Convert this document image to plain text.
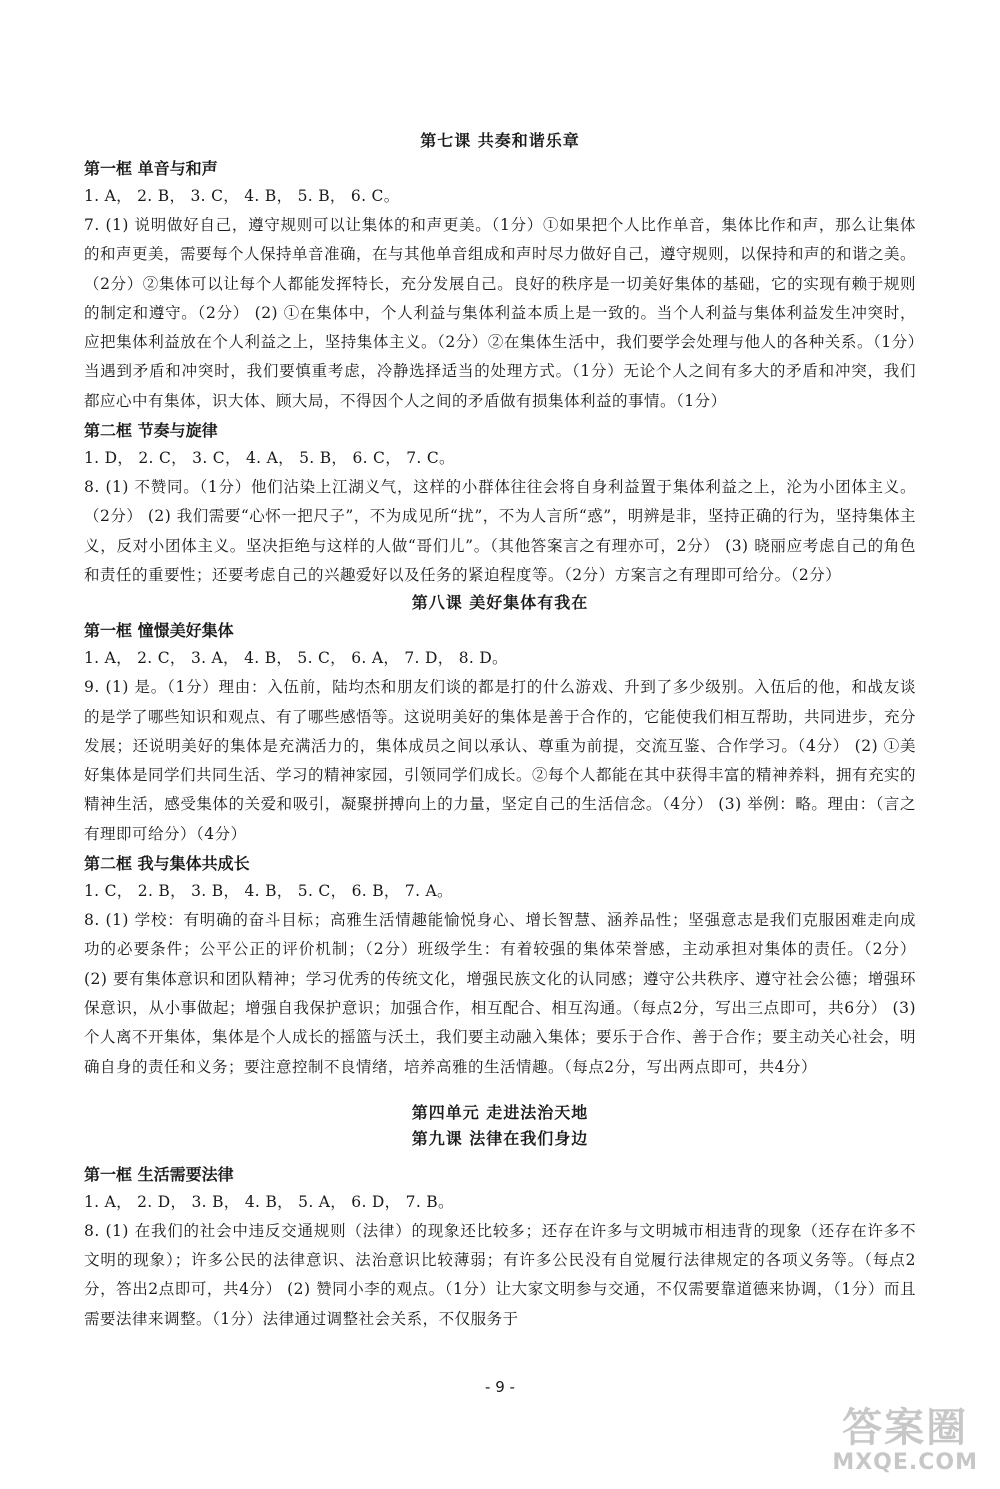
第七课 共奏和谐乐章
第一框 单音与和声
1. A， 2. B， 3. C， 4. B， 5. B， 6. C。
7. (1) 说明做好自己，遵守规则可以让集体的和声更美。（1分）①如果把个人比作单音，集体比作和声，那么让集体的和声更美，需要每个人保持单音准确，在与其他单音组成和声时尽力做好自己，遵守规则，以保持和声的和谐之美。（2分）②集体可以让每个人都能发挥特长，充分发展自己。良好的秩序是一切美好集体的基础，它的实现有赖于规则的制定和遵守。（2分） (2) ①在集体中，个人利益与集体利益本质上是一致的。当个人利益与集体利益发生冲突时，应把集体利益放在个人利益之上，坚持集体主义。（2分）②在集体生活中，我们要学会处理与他人的各种关系。（1分）当遇到矛盾和冲突时，我们要慎重考虑，冷静选择适当的处理方式。（1分）无论个人之间有多大的矛盾和冲突，我们都应心中有集体，识大体、顾大局，不得因个人之间的矛盾做有损集体利益的事情。（1分）
第二框 节奏与旋律
1. D， 2. C， 3. C， 4. A， 5. B， 6. C， 7. C。
8. (1) 不赞同。（1分）他们沾染上江湖义气，这样的小群体往往会将自身利益置于集体利益之上，沦为小团体主义。（2分） (2) 我们需要“心怀一把尺子”，不为成见所“扰”，不为人言所“惑”，明辨是非，坚持正确的行为，坚持集体主义，反对小团体主义。坚决拒绝与这样的人做“哥们儿”。（其他答案言之有理亦可，2分） (3) 晓丽应考虑自己的角色和责任的重要性；还要考虑自己的兴趣爱好以及任务的紧迫程度等。（2分）方案言之有理即可给分。（2分）
第八课 美好集体有我在
第一框 憧憬美好集体
1. A， 2. C， 3. A， 4. B， 5. C， 6. A， 7. D， 8. D。
9. (1) 是。（1分）理由：入伍前，陆均杰和朋友们谈的都是打的什么游戏、升到了多少级别。入伍后的他，和战友谈的是学了哪些知识和观点、有了哪些感悟等。这说明美好的集体是善于合作的，它能使我们相互帮助，共同进步，充分发展；还说明美好的集体是充满活力的，集体成员之间以承认、尊重为前提，交流互鉴、合作学习。（4分） (2) ①美好集体是同学们共同生活、学习的精神家园，引领同学们成长。②每个人都能在其中获得丰富的精神养料，拥有充实的精神生活，感受集体的关爱和吸引，凝聚拼搏向上的力量，坚定自己的生活信念。（4分） (3) 举例：略。理由：（言之有理即可给分）（4分）
第二框 我与集体共成长
1. C， 2. B， 3. B， 4. B， 5. C， 6. B， 7. A。
8. (1) 学校：有明确的奋斗目标；高雅生活情趣能愉悦身心、增长智慧、涵养品性；坚强意志是我们克服困难走向成功的必要条件；公平公正的评价机制；（2分）班级学生：有着较强的集体荣誉感，主动承担对集体的责任。（2分） (2) 要有集体意识和团队精神；学习优秀的传统文化，增强民族文化的认同感；遵守公共秩序、遵守社会公德；增强环保意识，从小事做起；增强自我保护意识；加强合作，相互配合、相互沟通。（每点2分，写出三点即可，共6分） (3) 个人离不开集体，集体是个人成长的摇篮与沃土，我们要主动融入集体；要乐于合作、善于合作；要主动关心社会，明确自身的责任和义务；要注意控制不良情绪，培养高雅的生活情趣。（每点2分，写出两点即可，共4分）
第四单元 走进法治天地
第九课 法律在我们身边
第一框 生活需要法律
1. A， 2. D， 3. B， 4. B， 5. A， 6. D， 7. B。
8. (1) 在我们的社会中违反交通规则（法律）的现象还比较多；还存在许多与文明城市相违背的现象（还存在许多不文明的现象）；许多公民的法律意识、法治意识比较薄弱；有许多公民没有自觉履行法律规定的各项义务等。（每点2分，答出2点即可，共4分） (2) 赞同小李的观点。（1分）让大家文明参与交通，不仅需要靠道德来协调，（1分）而且需要法律来调整。（1分）法律通过调整社会关系，不仅服务于
- 9 -
答案圈
MXQE.COM
